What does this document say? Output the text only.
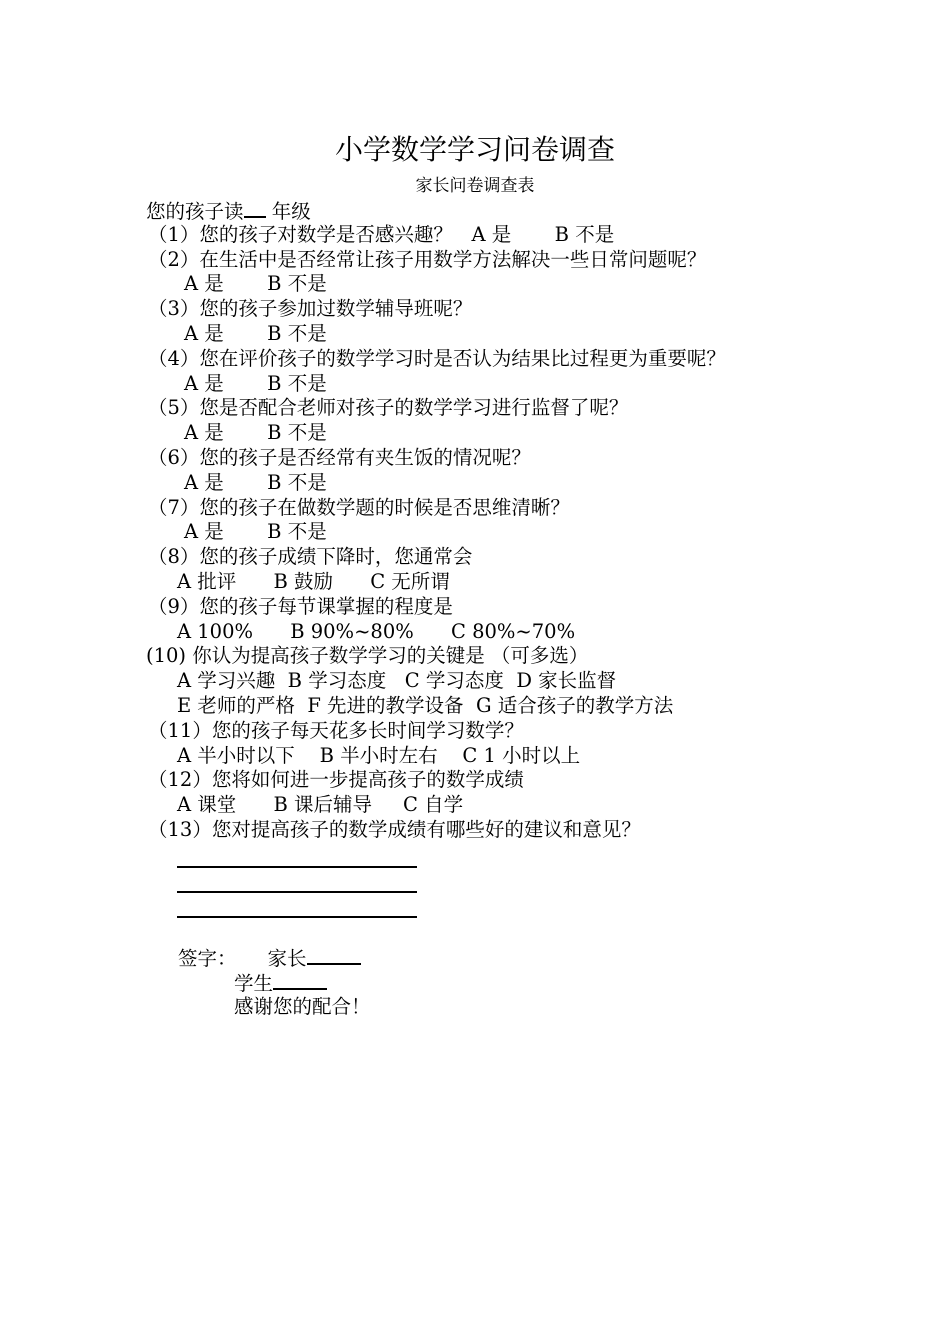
小学数学学习问卷调查
家长问卷调查表
您的孩子读 年级
（1）您的孩子对数学是否感兴趣？   A 是       B 不是
（2）在生活中是否经常让孩子用数学方法解决一些日常问题呢？
A 是       B 不是
（3）您的孩子参加过数学辅导班呢？
A 是       B 不是
（4）您在评价孩子的数学学习时是否认为结果比过程更为重要呢？
A 是       B 不是
（5）您是否配合老师对孩子的数学学习进行监督了呢？
A 是       B 不是
（6）您的孩子是否经常有夹生饭的情况呢？
A 是       B 不是
（7）您的孩子在做数学题的时候是否思维清晰？
A 是       B 不是
（8）您的孩子成绩下降时，您通常会
A 批评      B 鼓励      C 无所谓
（9）您的孩子每节课掌握的程度是
A 100%      B 90%~80%      C 80%~70%
(10) 你认为提高孩子数学学习的关键是 （可多选）
A 学习兴趣  B 学习态度   C 学习态度  D 家长监督
E 老师的严格  F 先进的教学设备  G 适合孩子的教学方法
（11）您的孩子每天花多长时间学习数学？
A 半小时以下    B 半小时左右    C 1 小时以上
（12）您将如何进一步提高孩子的数学成绩
A 课堂      B 课后辅导     C 自学
（13）您对提高孩子的数学成绩有哪些好的建议和意见？
签字：     家长
学生
感谢您的配合！
